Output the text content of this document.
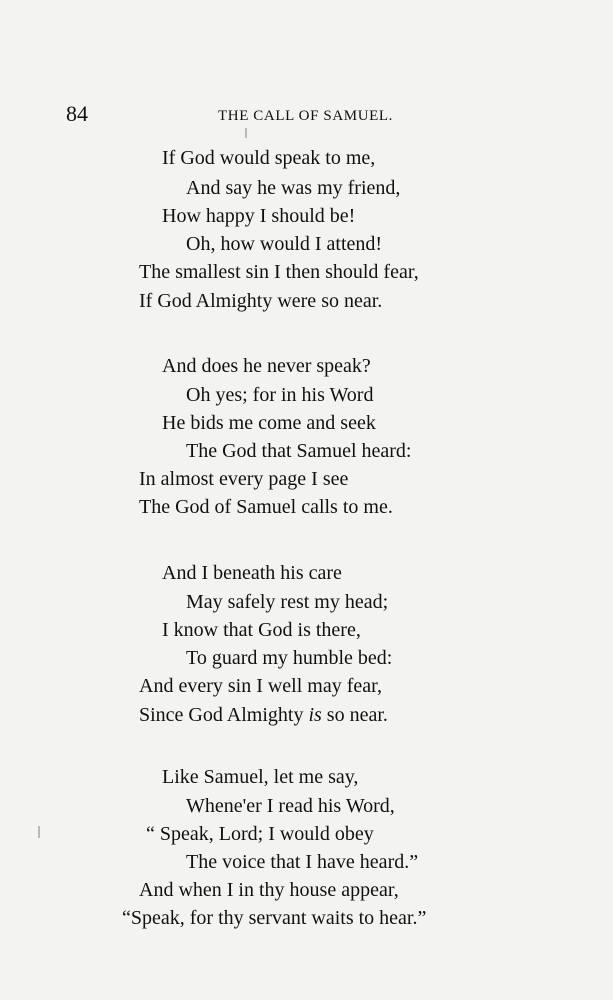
84	THE CALL OF SAMUEL.
If God would speak to me,
And say he was my friend,
How happy I should be!
Oh, how would I attend!
The smallest sin I then should fear,
If God Almighty were so near.
And does he never speak?
Oh yes; for in his Word
He bids me come and seek
The God that Samuel heard:
In almost every page I see
The God of Samuel calls to me.
And I beneath his care
May safely rest my head;
I know that God is there,
To guard my humble bed:
And every sin I well may fear,
Since God Almighty is so near.
Like Samuel, let me say,
Whene'er I read his Word,
“ Speak, Lord; I would obey
The voice that I have heard.”
And when I in thy house appear,
“Speak, for thy servant waits to hear.”
